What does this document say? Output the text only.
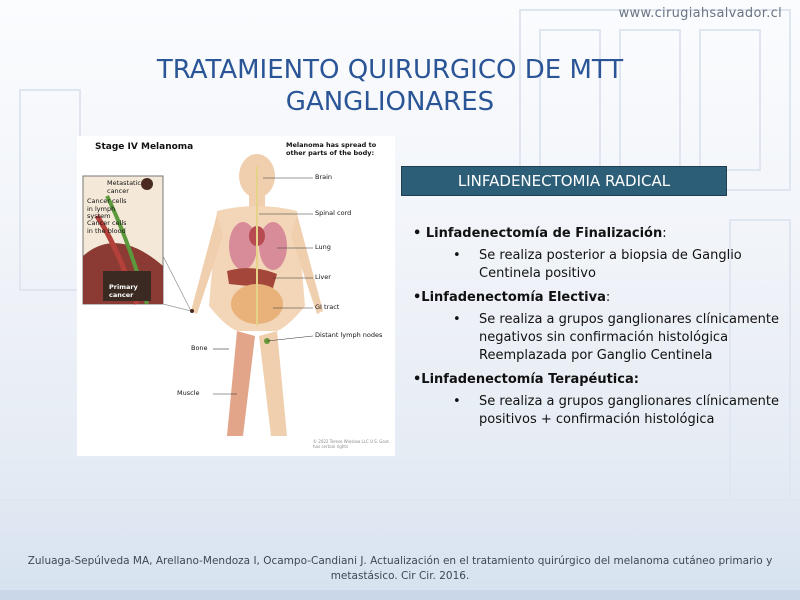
www.cirugiahsalvador.cl
TRATAMIENTO QUIRURGICO DE MTT
GANGLIONARES
Stage IV Melanoma	Melanoma has spread to other parts of the body:
Brain
Spinal cord
Lung
Liver
GI tract
Distant lymph nodes
Bone
Muscle
Metastatic cancer
Cancer cells in lymph system
Cancer cells in the blood
Primary cancer
© 2022 Terese Winslow LLC U.S. Govt. has certain rights
LINFADENECTOMIA RADICAL
• Linfadenectomía de Finalización:
• Se realiza posterior a biopsia de Ganglio Centinela positivo
•Linfadenectomía Electiva:
• Se realiza a grupos ganglionares clínicamente negativos sin confirmación histológica Reemplazada por Ganglio Centinela
•Linfadenectomía Terapéutica:
• Se realiza a grupos ganglionares clínicamente positivos + confirmación histológica
Zuluaga-Sepúlveda MA, Arellano-Mendoza I, Ocampo-Candiani J. Actualización en el tratamiento quirúrgico del melanoma cutáneo primario y metastásico. Cir Cir. 2016.
